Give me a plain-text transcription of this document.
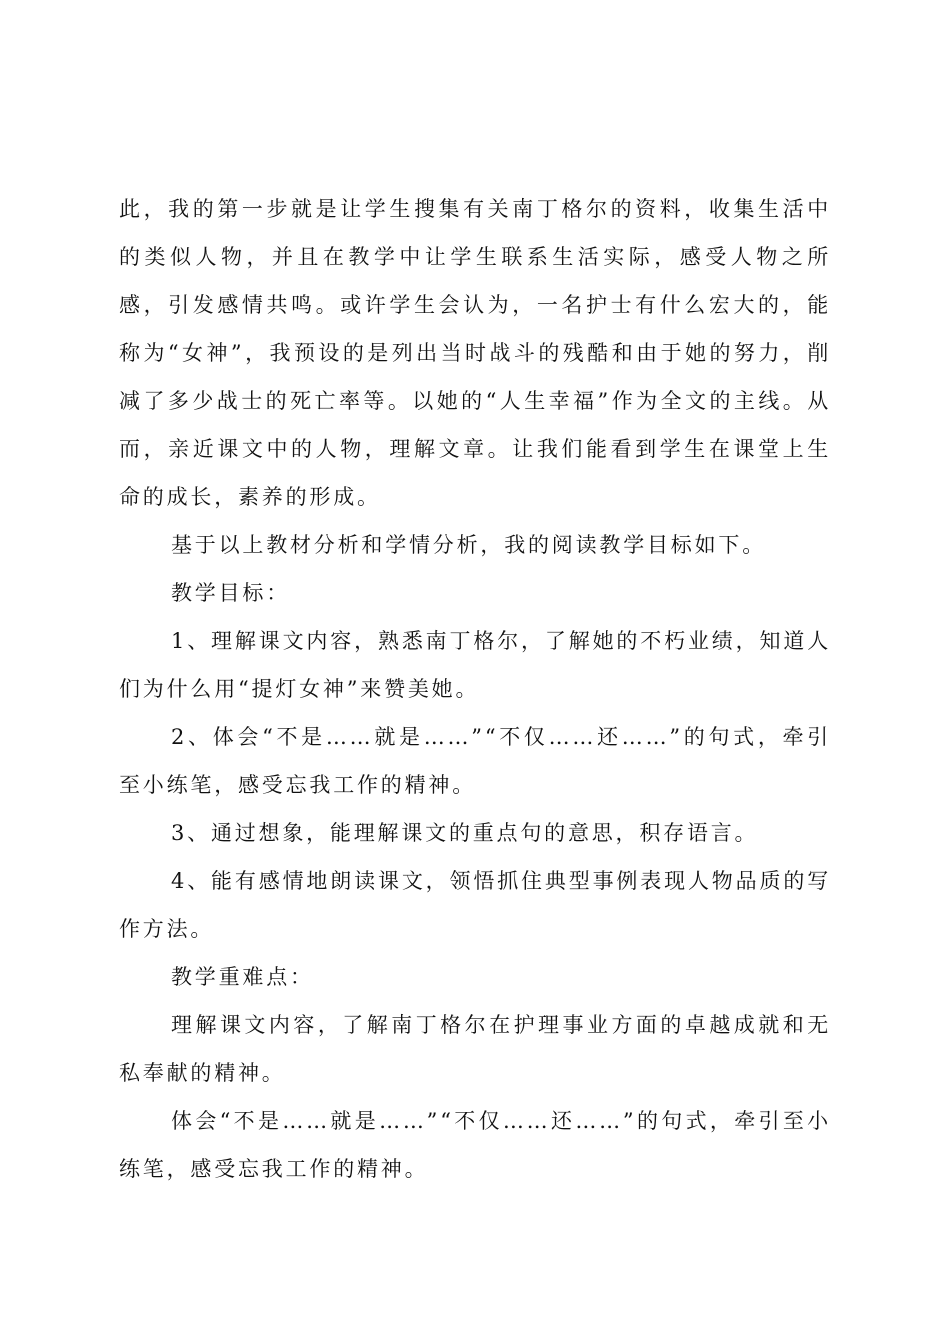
此，我的第一步就是让学生搜集有关南丁格尔的资料，收集生活中的类似人物，并且在教学中让学生联系生活实际，感受人物之所感，引发感情共鸣。或许学生会认为，一名护士有什么宏大的，能称为“女神”，我预设的是列出当时战斗的残酷和由于她的努力，削减了多少战士的死亡率等。以她的“人生幸福”作为全文的主线。从而，亲近课文中的人物，理解文章。让我们能看到学生在课堂上生命的成长，素养的形成。

基于以上教材分析和学情分析，我的阅读教学目标如下。

教学目标：

1、理解课文内容，熟悉南丁格尔，了解她的不朽业绩，知道人们为什么用“提灯女神”来赞美她。

2、体会“不是……就是……”“不仅……还……”的句式，牵引至小练笔，感受忘我工作的精神。

3、通过想象，能理解课文的重点句的意思，积存语言。

4、能有感情地朗读课文，领悟抓住典型事例表现人物品质的写作方法。

教学重难点：

理解课文内容，了解南丁格尔在护理事业方面的卓越成就和无私奉献的精神。

体会“不是……就是……”“不仅……还……”的句式，牵引至小练笔，感受忘我工作的精神。
